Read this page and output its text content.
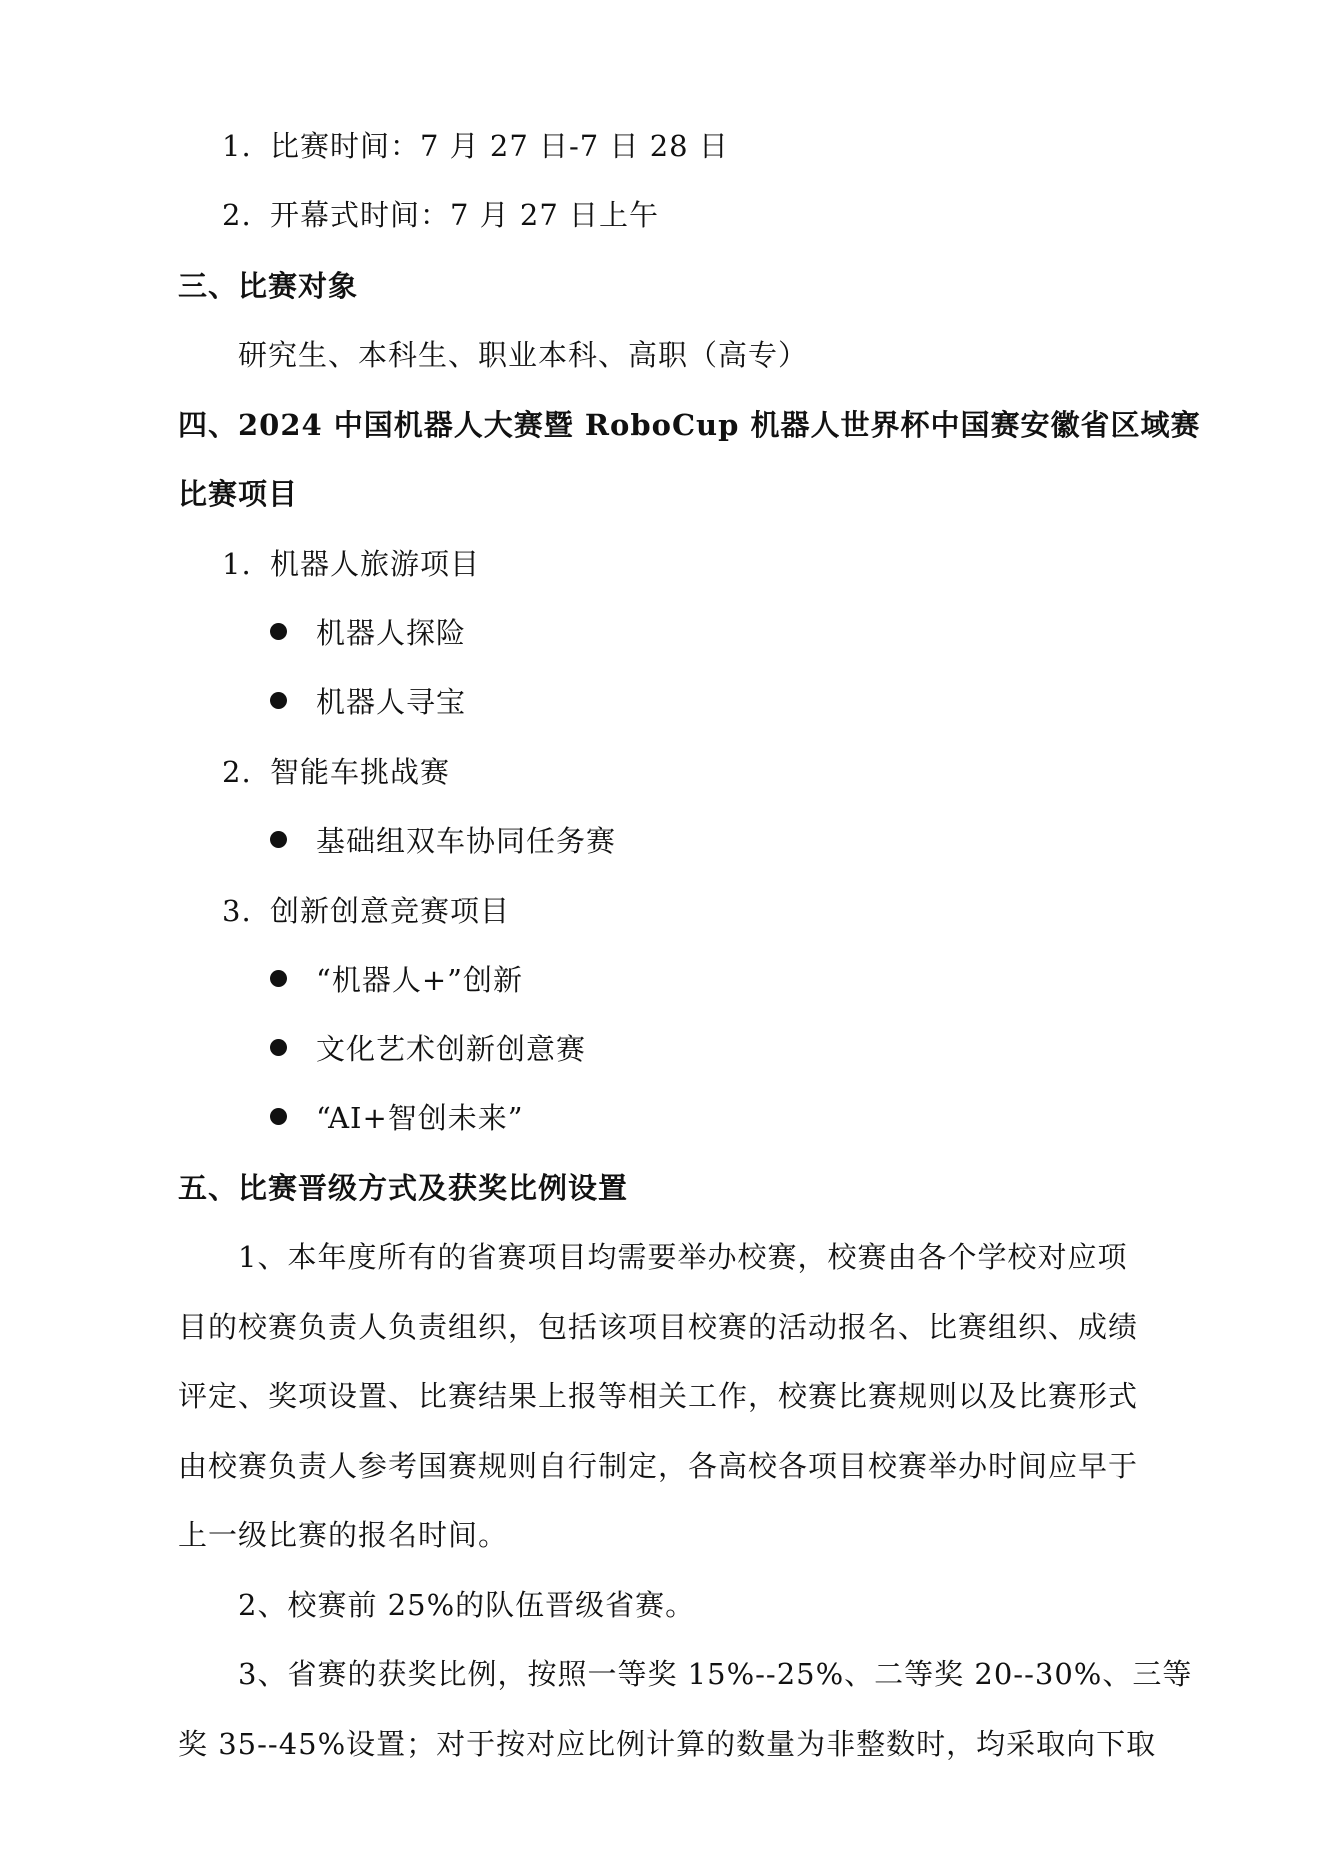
1. 比赛时间：7 月 27 日-7 日 28 日
2. 开幕式时间：7 月 27 日上午
三、比赛对象
研究生、本科生、职业本科、高职（高专）
四、2024 中国机器人大赛暨 RoboCup 机器人世界杯中国赛安徽省区域赛
比赛项目
1. 机器人旅游项目
机器人探险
机器人寻宝
2. 智能车挑战赛
基础组双车协同任务赛
3. 创新创意竞赛项目
“机器人+”创新
文化艺术创新创意赛
“AI+智创未来”
五、比赛晋级方式及获奖比例设置
1、本年度所有的省赛项目均需要举办校赛，校赛由各个学校对应项
目的校赛负责人负责组织，包括该项目校赛的活动报名、比赛组织、成绩
评定、奖项设置、比赛结果上报等相关工作，校赛比赛规则以及比赛形式
由校赛负责人参考国赛规则自行制定，各高校各项目校赛举办时间应早于
上一级比赛的报名时间。
2、校赛前 25%的队伍晋级省赛。
3、省赛的获奖比例，按照一等奖 15%--25%、二等奖 20--30%、三等
奖 35--45%设置；对于按对应比例计算的数量为非整数时，均采取向下取
